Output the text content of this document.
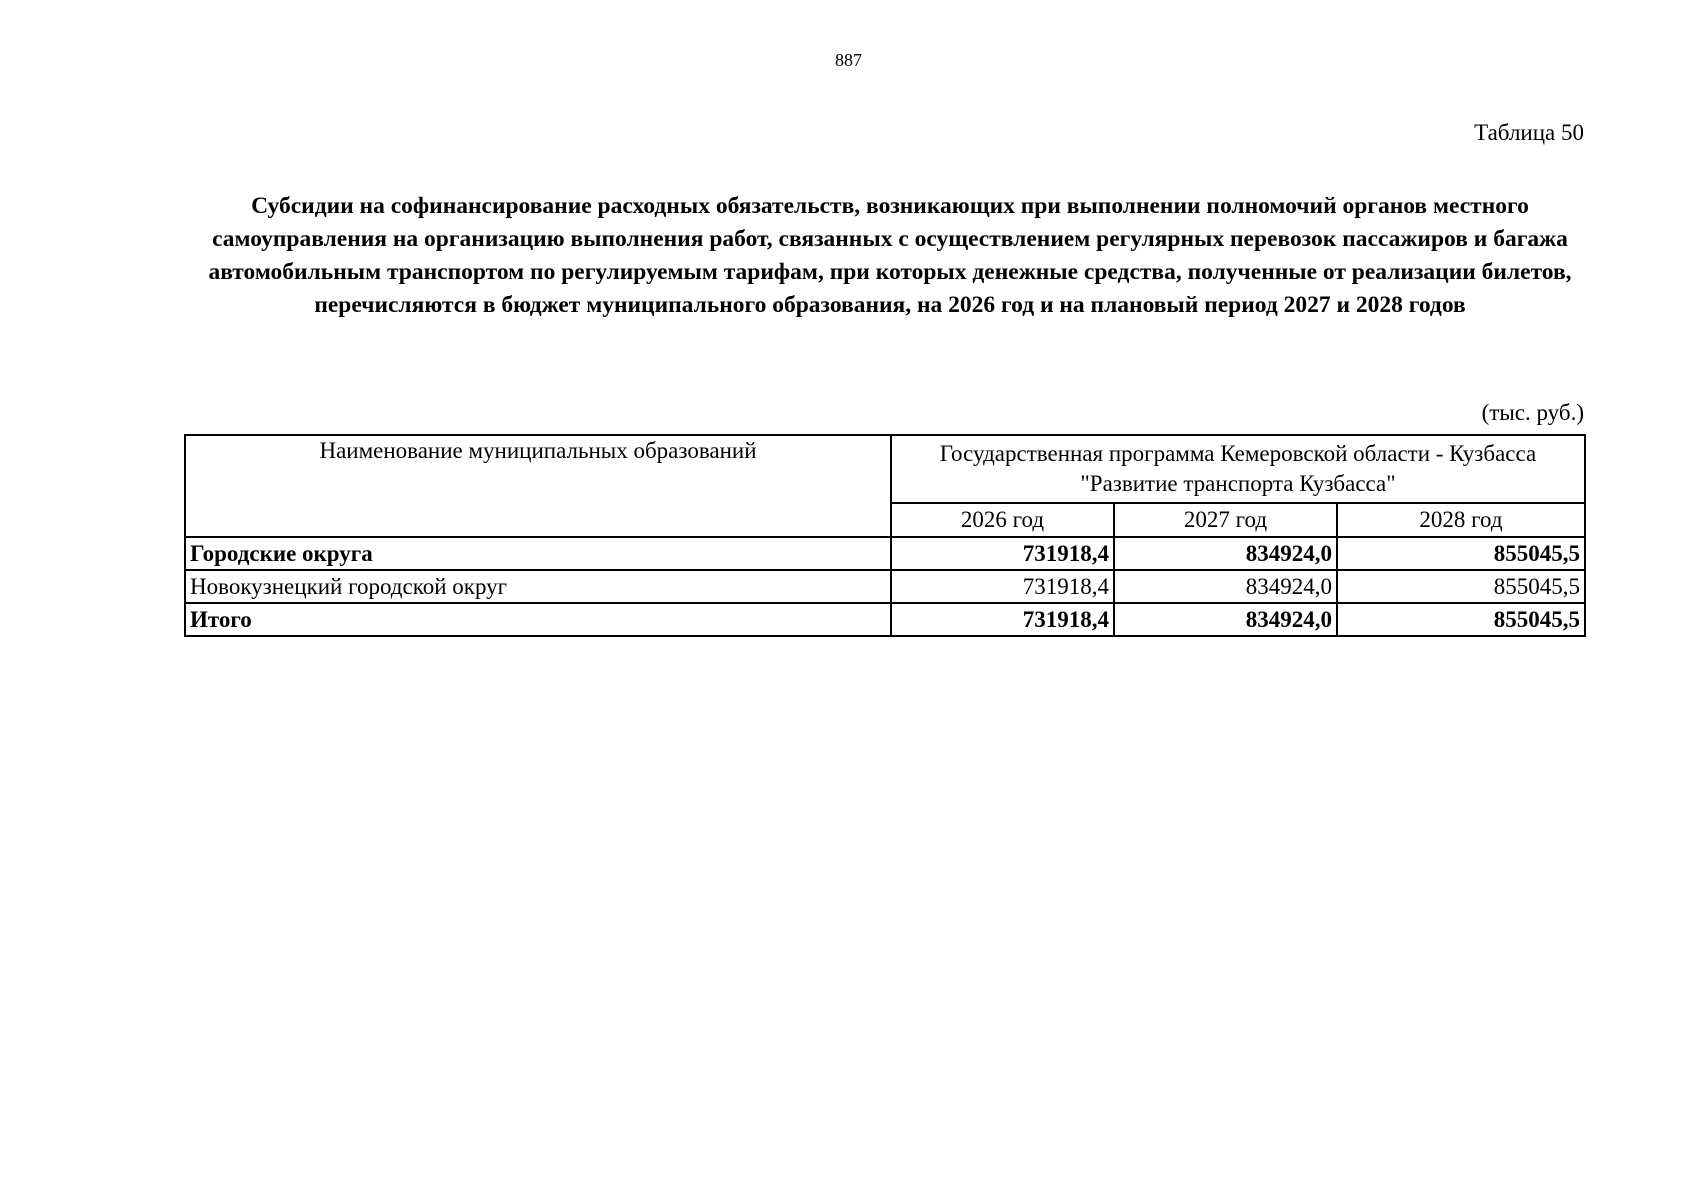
887
Таблица 50
Субсидии на софинансирование расходных обязательств, возникающих при выполнении полномочий органов местного самоуправления на организацию выполнения работ, связанных с осуществлением регулярных перевозок пассажиров и багажа автомобильным транспортом по регулируемым тарифам, при которых денежные средства, полученные от реализации билетов, перечисляются в бюджет муниципального образования, на 2026 год и на плановый период 2027 и 2028 годов
(тыс. руб.)
Наименование муниципальных образований	Государственная программа Кемеровской области - Кузбасса
"Развитие транспорта Кузбасса"		

	2026 год	2027 год	2028 год
Городские округа	731918,4	834924,0	855045,5
Новокузнецкий городской округ	731918,4	834924,0	855045,5
Итого	731918,4	834924,0	855045,5
